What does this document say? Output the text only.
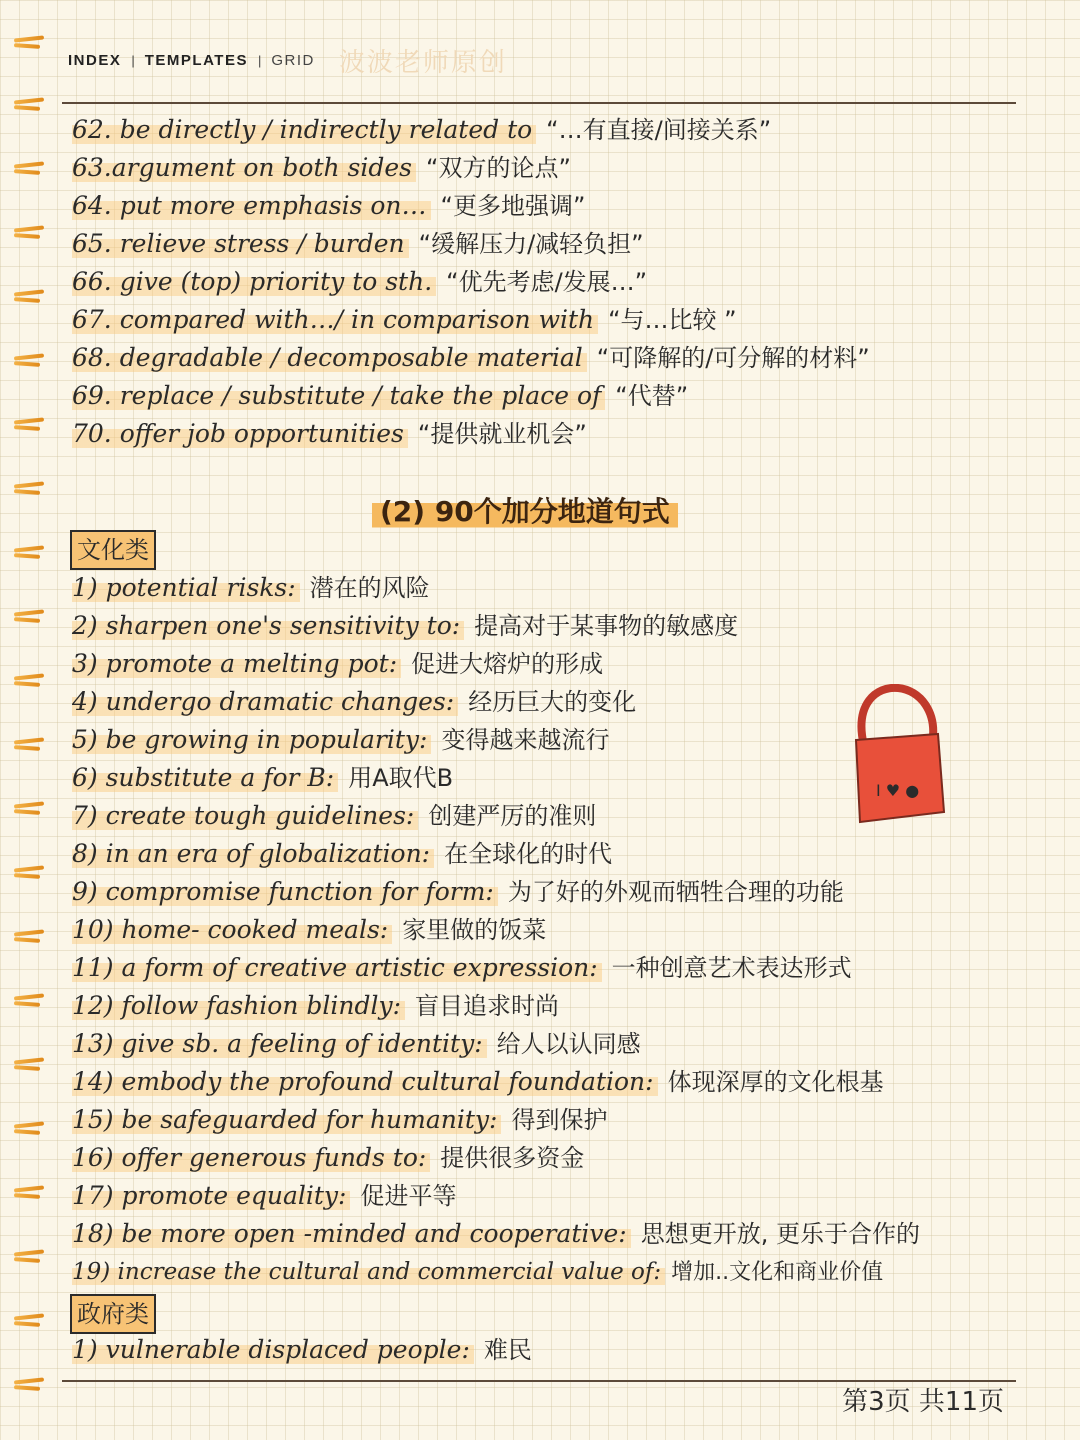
INDEX | TEMPLATES | GRID 波波老师原创
62. be directly / indirectly related to “…有直接/间接关系”
63.argument on both sides “双方的论点”
64. put more emphasis on… “更多地强调”
65. relieve stress / burden “缓解压力/减轻负担”
66. give (top) priority to sth. “优先考虑/发展…”
67. compared with…/ in comparison with “与…比较 ”
68. degradable / decomposable material “可降解的/可分解的材料”
69. replace / substitute / take the place of “代替”
70. offer job opportunities “提供就业机会”
(2) 90个加分地道句式
文化类
1) potential risks: 潜在的风险
2) sharpen one's sensitivity to: 提高对于某事物的敏感度
3) promote a melting pot: 促进大熔炉的形成
4) undergo dramatic changes: 经历巨大的变化
5) be growing in popularity: 变得越来越流行
6) substitute a for B: 用A取代B
7) create tough guidelines: 创建严厉的准则
8) in an era of globalization: 在全球化的时代
9) compromise function for form: 为了好的外观而牺牲合理的功能
10) home- cooked meals: 家里做的饭菜
11) a form of creative artistic expression: 一种创意艺术表达形式
12) follow fashion blindly: 盲目追求时尚
13) give sb. a feeling of identity: 给人以认同感
14) embody the profound cultural foundation: 体现深厚的文化根基
15) be safeguarded for humanity: 得到保护
16) offer generous funds to: 提供很多资金
17) promote equality: 促进平等
18) be more open -minded and cooperative: 思想更开放, 更乐于合作的
19) increase the cultural and commercial value of: 增加..文化和商业价值
政府类
1) vulnerable displaced people: 难民
I ♥ ●
第3页 共11页
